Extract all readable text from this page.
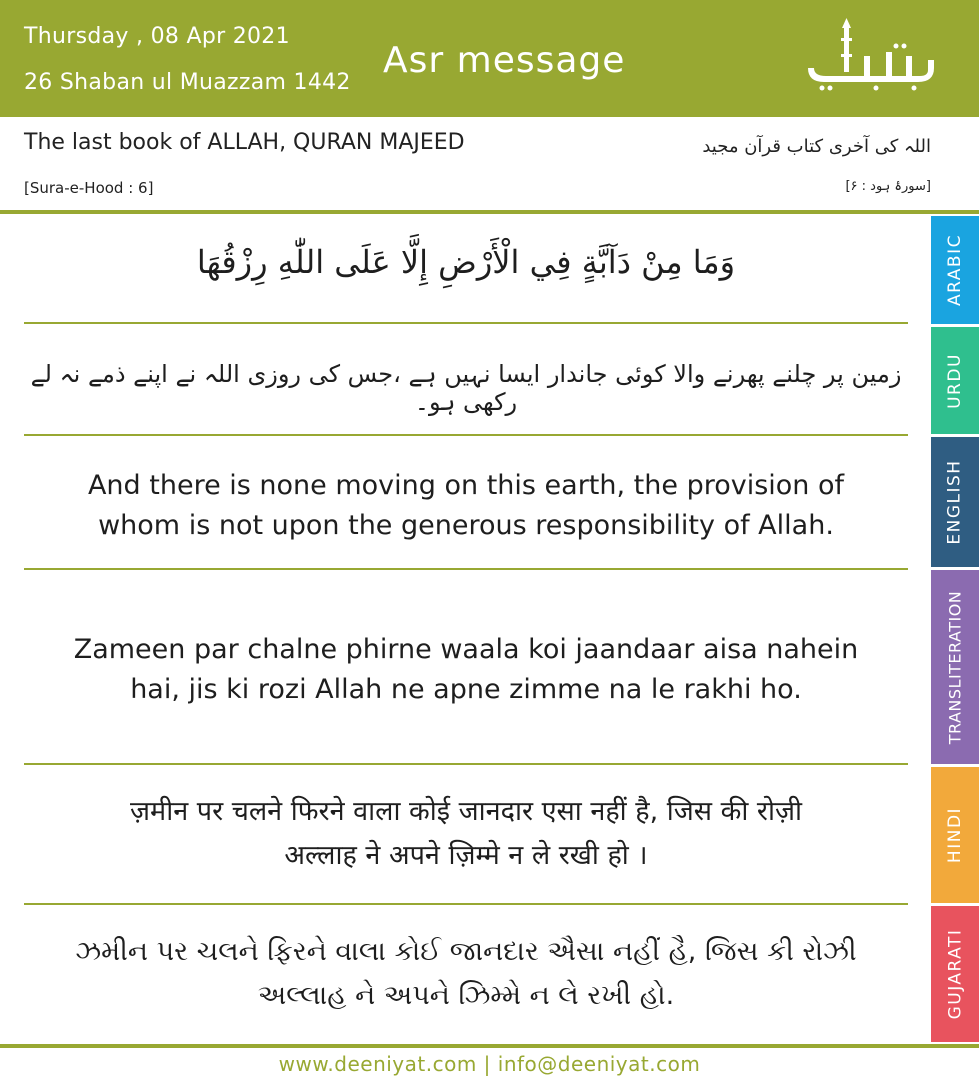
Thursday , 08 Apr 2021
26 Shaban ul Muazzam 1442
Asr message
The last book of ALLAH, QURAN MAJEED
[Sura-e-Hood : 6]
اللہ کی آخری کتاب قرآن مجید
[سورۂ ہود : ۶]
وَمَا مِنْ دَآبَّةٍ فِي الْأَرْضِ إِلَّا عَلَى اللّٰهِ رِزْقُهَا
زمین پر چلنے پھرنے والا کوئی جاندار ایسا نہیں ہے ،جس کی روزی اللہ نے اپنے ذمے نہ لے رکھی ہو۔
And there is none moving on this earth, the provision of
whom is not upon the generous responsibility of Allah.
Zameen par chalne phirne waala koi jaandaar aisa nahein
hai, jis ki rozi Allah ne apne zimme na le rakhi ho.
ज़मीन पर चलने फिरने वाला कोई जानदार एसा नहीं है, जिस की रोज़ी
अल्लाह ने अपने ज़िम्मे न ले रखी हो ।
ઝમીન પર ચલને ફિરને વાલા કોઈ જાનદાર ઐસા નહીં હૈ, જિસ કી રોઝી
અલ્લાહ ને અપને ઝિમ્મે ન લે રખી હો.
ARABIC
URDU
ENGLISH
TRANSLITERATION
HINDI
GUJARATI
www.deeniyat.com | info@deeniyat.com
